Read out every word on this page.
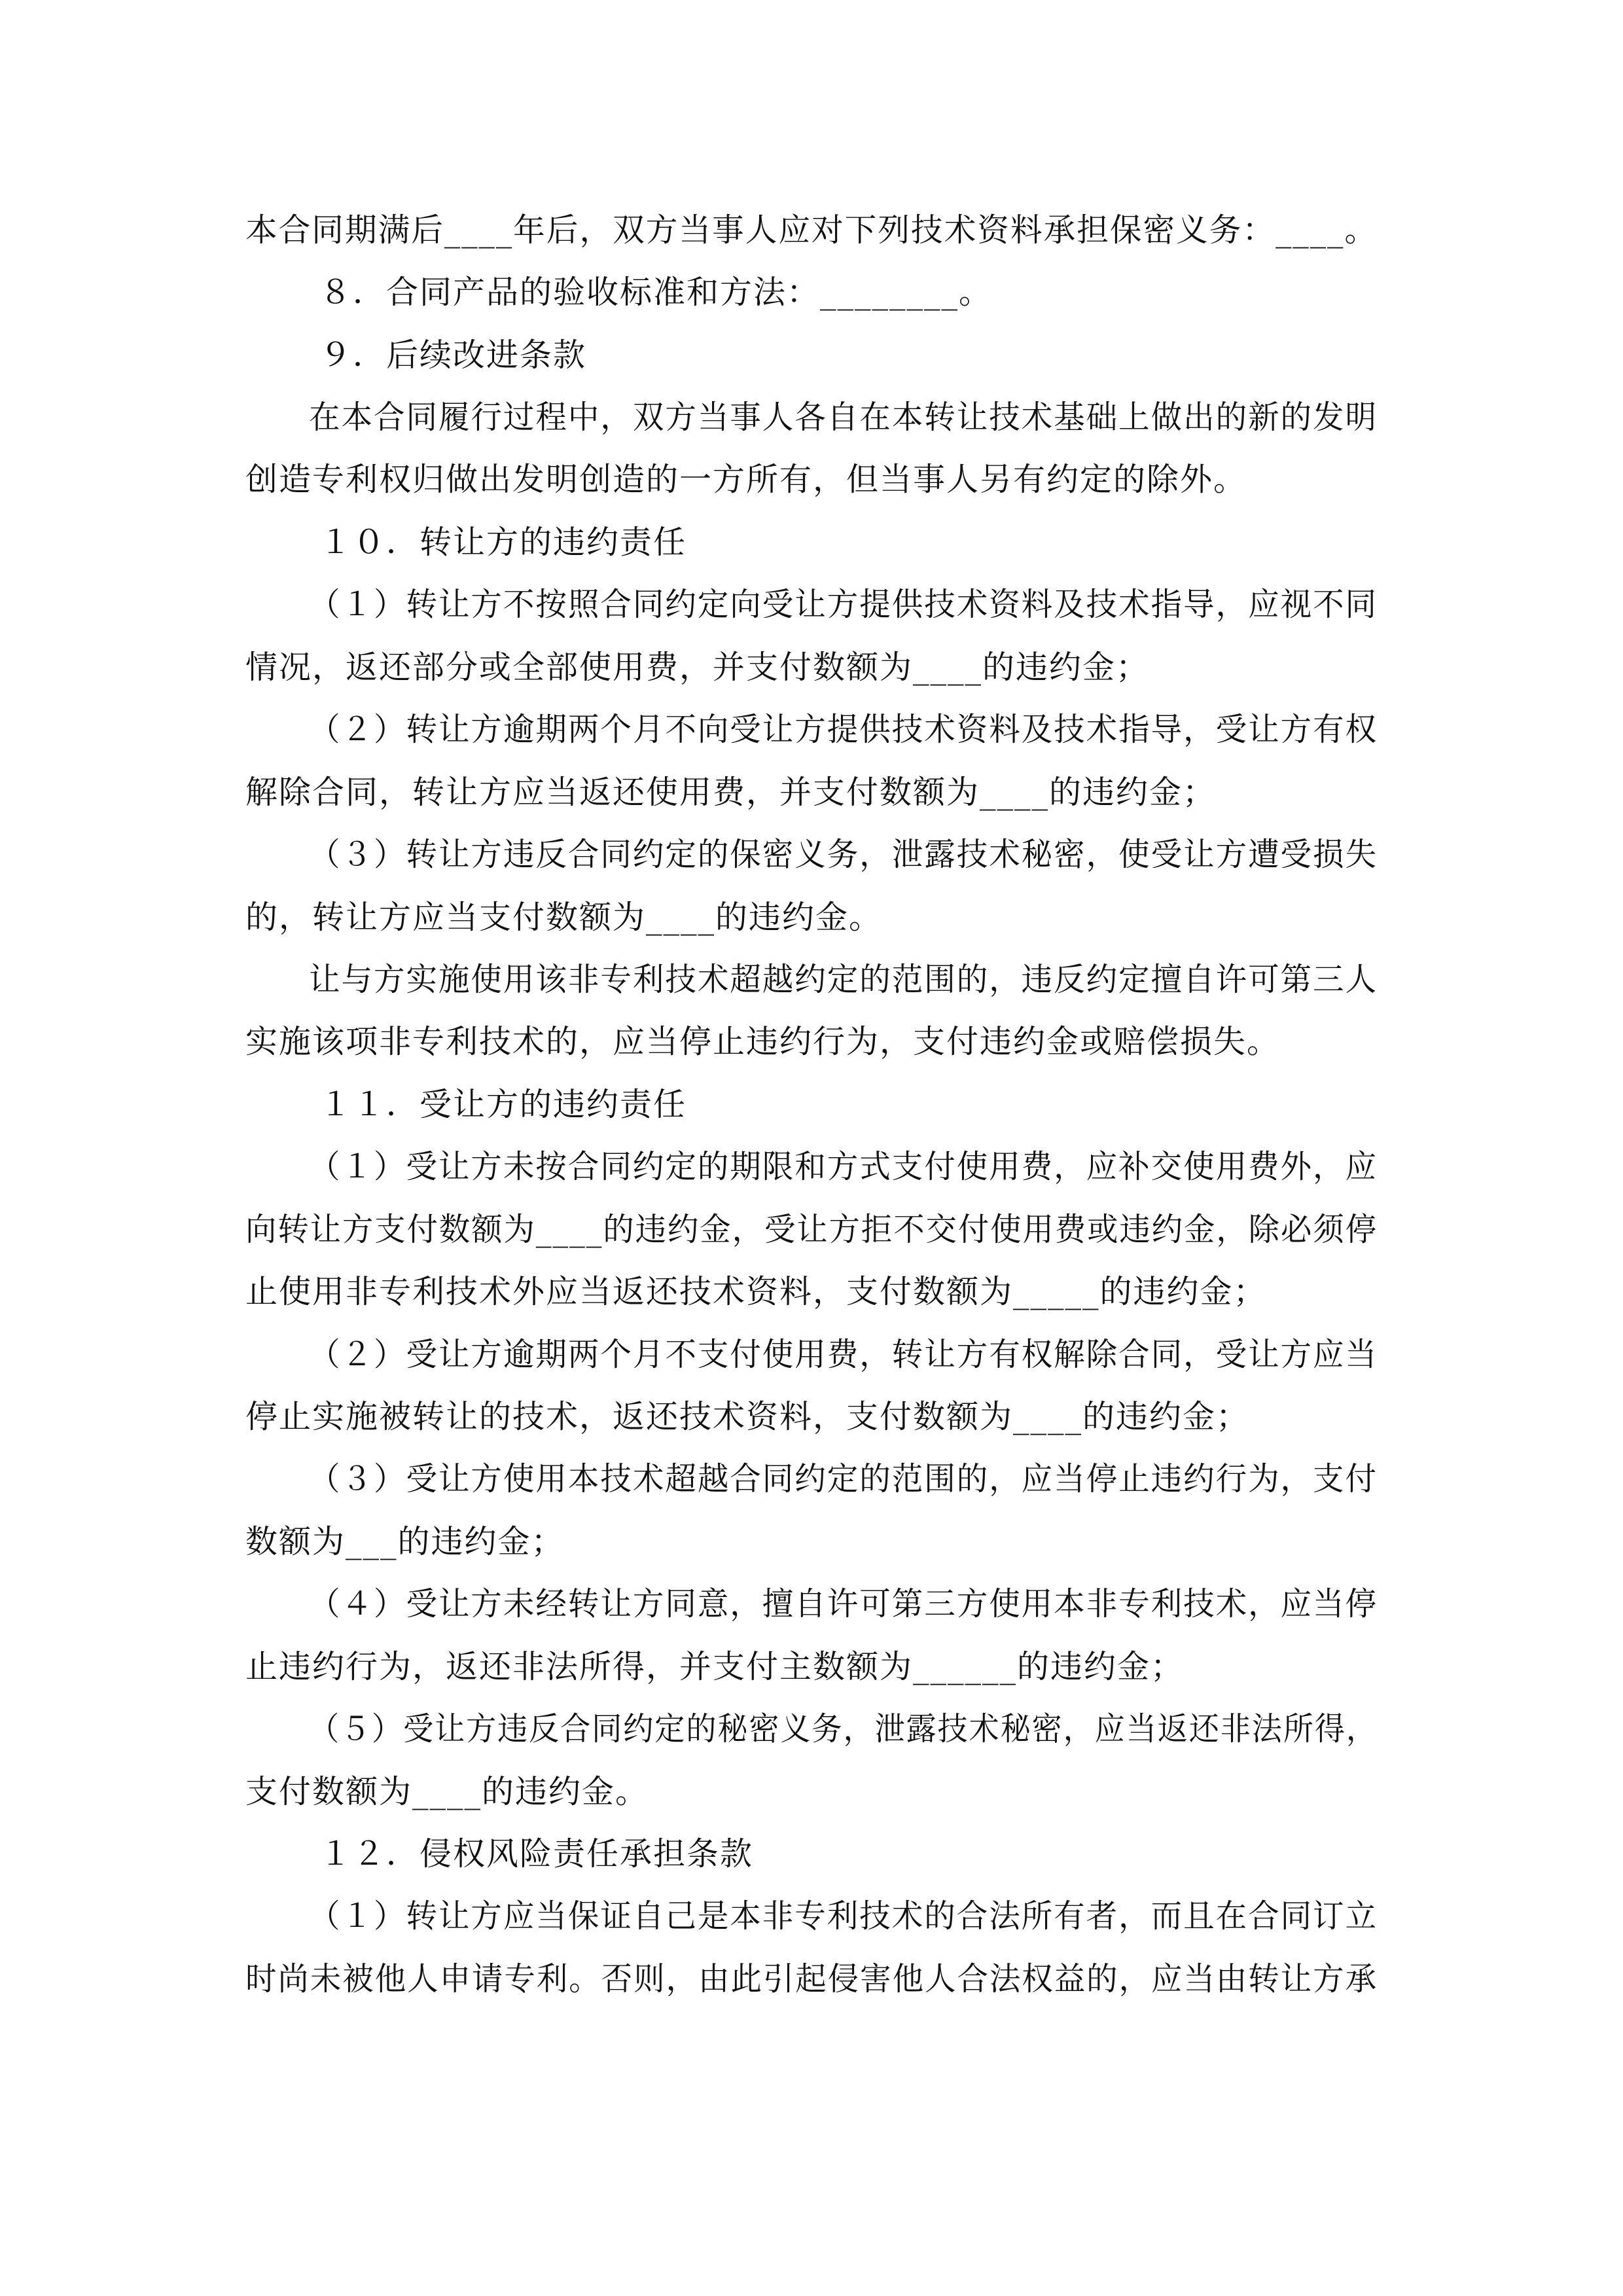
本合同期满后____年后，双方当事人应对下列技术资料承担保密义务：____。
８．合同产品的验收标准和方法：________。
９．后续改进条款
在本合同履行过程中，双方当事人各自在本转让技术基础上做出的新的发明
创造专利权归做出发明创造的一方所有，但当事人另有约定的除外。
１０．转让方的违约责任
（１）转让方不按照合同约定向受让方提供技术资料及技术指导，应视不同
情况，返还部分或全部使用费，并支付数额为____的违约金；
（２）转让方逾期两个月不向受让方提供技术资料及技术指导，受让方有权
解除合同，转让方应当返还使用费，并支付数额为____的违约金；
（３）转让方违反合同约定的保密义务，泄露技术秘密，使受让方遭受损失
的，转让方应当支付数额为____的违约金。
让与方实施使用该非专利技术超越约定的范围的，违反约定擅自许可第三人
实施该项非专利技术的，应当停止违约行为，支付违约金或赔偿损失。
１１．受让方的违约责任
（１）受让方未按合同约定的期限和方式支付使用费，应补交使用费外，应
向转让方支付数额为____的违约金，受让方拒不交付使用费或违约金，除必须停
止使用非专利技术外应当返还技术资料，支付数额为_____的违约金；
（２）受让方逾期两个月不支付使用费，转让方有权解除合同，受让方应当
停止实施被转让的技术，返还技术资料，支付数额为____的违约金；
（３）受让方使用本技术超越合同约定的范围的，应当停止违约行为，支付
数额为___的违约金；
（４）受让方未经转让方同意，擅自许可第三方使用本非专利技术，应当停
止违约行为，返还非法所得，并支付主数额为______的违约金；
（５）受让方违反合同约定的秘密义务，泄露技术秘密，应当返还非法所得，
支付数额为____的违约金。
１２．侵权风险责任承担条款
（１）转让方应当保证自己是本非专利技术的合法所有者，而且在合同订立
时尚未被他人申请专利。否则，由此引起侵害他人合法权益的，应当由转让方承
